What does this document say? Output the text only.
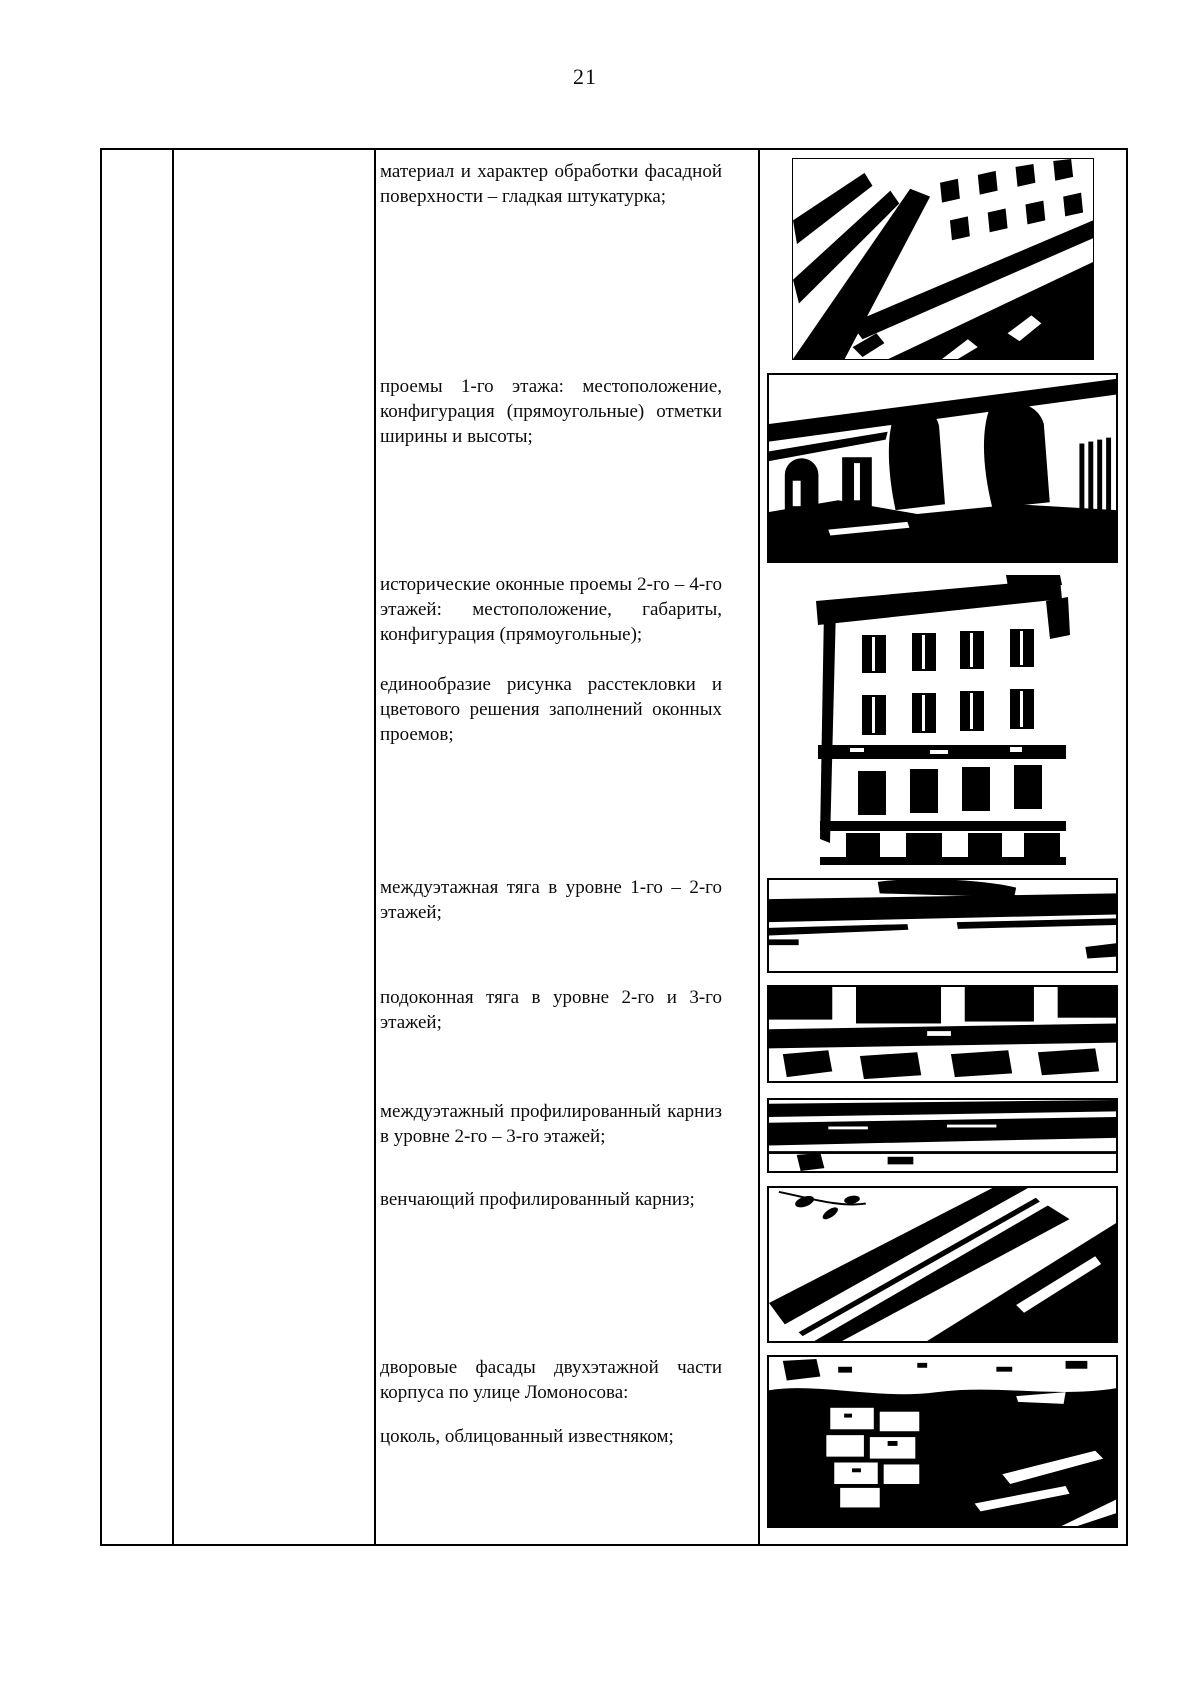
21
материал и характер обработки фасадной поверхности – гладкая штукатурка;
проемы 1-го этажа: местоположение, конфигурация (прямоугольные) отметки ширины и высоты;
исторические оконные проемы 2-го – 4-го этажей: местоположение, габариты, конфигурация (прямоугольные);
единообразие рисунка расстекловки и цветового решения заполнений оконных проемов;
междуэтажная тяга в уровне 1-го – 2-го этажей;
подоконная тяга в уровне 2-го и 3-го этажей;
междуэтажный профилированный карниз в уровне 2-го – 3-го этажей;
венчающий профилированный карниз;
дворовые фасады двухэтажной части корпуса по улице Ломоносова:
цоколь, облицованный известняком;
